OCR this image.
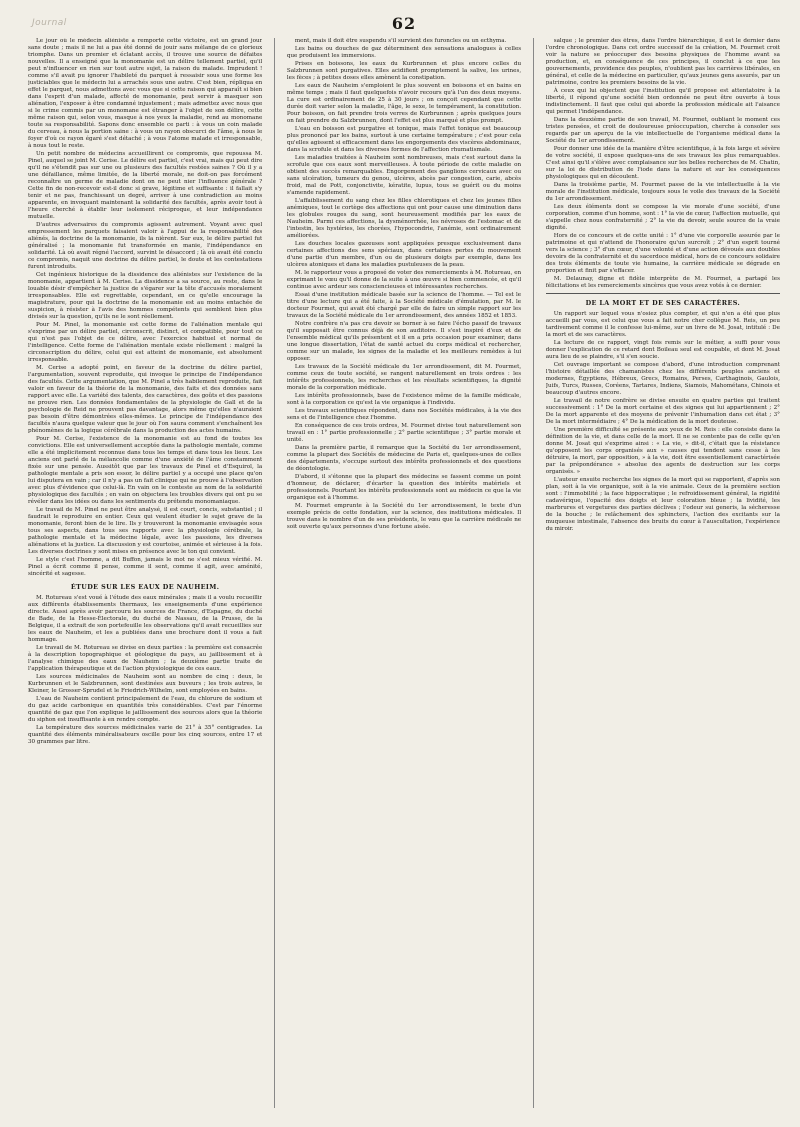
Journal	62

Le jour où le médecin aliéniste a remporté cette victoire, est un grand jour sans doute ; mais il ne lui a pas été donné de jouir sans mélange de ce glorieux triomphe. Dans un premier et éclatant accès, il trouve une source de défaites nouvelles. Il a enseigné que la monomanie est un délire tellement partiel, qu'il peut n'influencer en rien sur tout autre sujet, la raison du malade. Imprudent ! comme s'il avait pu ignorer l'habileté du parquet à ressaisir sous une forme les justiciables que le médecin lui a arrachés sous une autre. C'est bien, répliqua en effet le parquet, nous admettons avec vous que si cette raison qui apparaît si bien dans l'esprit d'un malade, affecté de monomanie, peut servir à masquer son aliénation, l'exposer à être condamné injustement ; mais admettez avec nous que si le crime commis par un monomane est étranger à l'objet de son délire, cette même raison qui, selon vous, masque à nos yeux la maladie, rend au monomane toute sa responsabilité. Sapons donc ensemble ce parti : à vous un coin malade du cerveau, à nous la portion saine : à vous un rayon obscurci de l'âme, à nous le foyer d'où ce rayon égaré s'est détaché ; à vous l'atome malade et irresponsable, à nous tout le reste.

Un petit nombre de médecins accueillirent ce compromis, que repoussa M. Pinel, auquel se joint M. Cerise. Le délire est partiel, c'est vrai, mais qui peut dire qu'il ne s'étendit pas sur une ou plusieurs des facultés restées saines ? Où il y a une défaillance, même limitée, de la liberté morale, ne doit-on pas forcément reconnaître un germe de maladie dont on ne peut nier l'influence générale ? Cette fin de non-recevoir est-il donc si grave, légitime et suffisante : il fallait s'y tenir et ne pas, franchissant un degré, arriver à une contradiction au moins apparente, en invoquant maintenant la solidarité des facultés, après avoir tout à l'heure cherché à établir leur isolement réciproque, et leur indépendance mutuelle.

D'autres adversaires du compromis agissent autrement. Voyant avec quel empressement les parquets faisaient valoir à l'appui de la responsabilité des aliénés, la doctrine de la monomanie, ils la nièrent. Sur eux, le délire partiel fut généralisé ; la monomanie fut transformée en manie, l'indépendance en solidarité. Là où avait régné l'accord, survint le désaccord ; là où avait été conclu ce compromis, naquit une doctrine du délire partiel, le doute et les contestations furent introduits.

Cet ingénieux historique de la dissidence des aliénistes sur l'existence de la monomanie, appartient à M. Cerise. La dissidence a sa source, au reste, dans le louable désir d'empêcher la justice de s'égarer sur la tête d'accusés moralement irresponsables. Elle est regrettable, cependant, en ce qu'elle encourage la magistrature, pour qui la doctrine de la monomanie est au moins entachée de suspicion, à résister à l'avis des hommes compétents qui semblent bien plus divisés sur la question, qu'ils ne le sont réellement.

Pour M. Pinel, la monomanie est cette forme de l'aliénation mentale qui s'exprime par un délire partiel, circonscrit, distinct, et compatible, pour tout ce qui n'est pas l'objet de ce délire, avec l'exercice habituel et normal de l'intelligence. Cette forme de l'aliénation mentale existe réellement : malgré la circonscription du délire, celui qui est atteint de monomanie, est absolument irresponsable.

M. Cerise a adopté point, en faveur de la doctrine du délire partiel, l'argumentation, souvent reproduite, qui invoque le principe de l'indépendance des facultés. Cette argumentation, que M. Pinel a très habilement reproduite, fait valoir en faveur de la théorie de la monomanie, des faits et des données sans rapport avec elle. La variété des talents, des caractères, des goûts et des passions ne prouve rien. Les données fondamentales de la physiologie de Gall et de la psychologie de Reid ne prouvent pas davantage, alors même qu'elles n'auraient pas besoin d'être démontrées elles-mêmes. Le principe de l'indépendance des facultés n'aura quelque valeur que le jour où l'on saura comment s'enchaînent les phénomènes de la logique cérébrale dans la production des actes humains.

Pour M. Cerise, l'existence de la monomanie est au fond de toutes les convictions. Elle est universellement acceptée dans la pathologie mentale, comme elle a été implicitement reconnue dans tous les temps et dans tous les lieux. Les anciens ont parlé de la mélancolie comme d'une anxiété de l'âme constamment fixée sur une pensée. Aussitôt que par les travaux de Pinel et d'Esquirol, la pathologie mentale a pris son essor, le délire partiel y a occupé une place qu'on lui disputera en vain ; car il n'y a pas un fait clinique qui ne prouve à l'observation avec plus d'évidence que celui-là. En vain on le conteste au nom de la solidarité physiologique des facultés ; en vain on objectera les troubles divers qui ont pu se révéler dans les idées ou dans les sentiments du prétendu monomaniaque.

Le travail de M. Pinel ne peut être analysé, il est court, concis, substantiel ; il faudrait le reproduire en entier. Ceux qui veulent étudier le sujet grave de la monomanie, feront bien de le lire. Ils y trouveront la monomanie envisagée sous tous ses aspects, dans tous ses rapports avec la physiologie cérébrale, la pathologie mentale et la médecine légale, avec les passions, les diverses aliénations et la justice. La discussion y est courtoise, animée et sérieuse à la fois. Les diverses doctrines y sont mises en présence avec le ton qui convient.

Le style c'est l'homme, a dit Buffon, jamais le mot ne s'est mieux vérifié. M. Pinel a écrit comme il pense, comme il sent, comme il agit, avec aménité, sincérité et sagesse.

ÉTUDE SUR LES EAUX DE NAUHEIM.

M. Rotureau s'est voué à l'étude des eaux minérales ; mais il a voulu recueillir aux différents établissements thermaux, les enseignements d'une expérience directe. Aussi après avoir parcouru les sources de France, d'Espagne, du duché de Bade, de la Hesse-Électorale, du duché de Nassau, de la Prusse, de la Belgique, il a extrait de son portefeuille les observations qu'il avait recueillies sur les eaux de Nauheim, et les a publiées dans une brochure dont il vous a fait hommage.

Le travail de M. Rotureau se divise en deux parties : la première est consacrée à la description topographique et géologique du pays, au jaillissement et à l'analyse chimique des eaux de Nauheim ; la deuxième partie traite de l'application thérapeutique et de l'action physiologique de ces eaux.

Les sources médicinales de Nauheim sont au nombre de cinq : deux, le Kurbrunnen et le Salzbrunnen, sont destinées aux buveurs ; les trois autres, le Kleiner, le Grosser-Sprudel et le Friedrich-Wilhelm, sont employées en bains.

L'eau de Nauheim contient principalement de l'eau, du chlorure de sodium et du gaz acide carbonique en quantités très considérables. C'est par l'énorme quantité de gaz que l'on explique le jaillissement des sources alors que la théorie du siphon est insuffisante à en rendre compte.

La température des sources médicinales varie de 21° à 35° centigrades. La quantité des éléments minéralisateurs oscille pour les cinq sources, entre 17 et 30 grammes par litre.

ment, mais il doit être suspendu s'il survient des furoncles ou un ecthyma.

Les bains ou douches de gaz déterminent des sensations analogues à celles que produisent les immersions.

Prises en boissons, les eaux du Kurbrunnen et plus encore celles du Salzbrunnen sont purgatives. Elles acidifient promptement la salive, les urines, les fèces ; à petites doses elles amènent la constipation.

Les eaux de Nauheim s'emploient le plus souvent en boissons et en bains en même temps ; mais il faut quelquefois n'avoir recours qu'à l'un des deux moyens. La cure est ordinairement de 25 à 30 jours ; on conçoit cependant que cette durée doit varier selon la maladie, l'âge, le sexe, le tempérament, la constitution. Pour boisson, on fait prendre trois verres de Kurbrunnen ; après quelques jours on fait prendre du Salzbrunnen, dont l'effet est plus marqué et plus prompt.

L'eau en boisson est purgative et tonique, mais l'effet tonique est beaucoup plus prononcé par les bains, surtout à une certaine température ; c'est pour cela qu'elles agissent si efficacement dans les engorgements des viscères abdominaux, dans la scrofule et dans les diverses formes de l'affection rhumatismale.

Les maladies traitées à Nauheim sont nombreuses, mais c'est surtout dans la scrofule que ces eaux sont merveilleuses. À toute période de cette maladie on obtient des succès remarquables. Engorgement des ganglions cervicaux avec ou sans ulcération, tumeurs du genou, ulcères, abcès par congestion, carie, abcès froid, mal de Pott, conjonctivite, kératite, lupus, tous se guérit ou du moins s'amende rapidement.

L'affaiblissement du sang chez les filles chlorotiques et chez les jeunes filles anémiques, tout le cortège des affections qui ont pour cause une diminution dans les globules rouges du sang, sont heureusement modifiés par les eaux de Nauheim. Parmi ces affections, la dysménorrhée, les névroses de l'estomac et de l'intestin, les hystéries, les chorées, l'hypocondrie, l'anémie, sont ordinairement améliorées.

Les douches locales gazeuses sont appliquées presque exclusivement dans certaines affections des sens spéciaux, dans certaines pertes du mouvement d'une partie d'un membre, d'un ou de plusieurs doigts par exemple, dans les ulcères atoniques et dans les maladies pustuleuses de la peau.

M. le rapporteur vous a proposé de voter des remerciements à M. Rotureau, en exprimant le vœu qu'il donne de la suite à une œuvre si bien commencée, et qu'il continue avec ardeur ses consciencieuses et intéressantes recherches.

Essai d'une institution médicale basée sur la science de l'homme. — Tel est le titre d'une lecture qui a été faite, à la Société médicale d'émulation, par M. le docteur Fourmet, qui avait été chargé par elle de faire un simple rapport sur les travaux de la Société médicale du 1er arrondissement, des années 1852 et 1853.

Notre confrère n'a pas cru devoir se borner à se faire l'écho passif de travaux qu'il supposait être connus déjà de son auditoire. Il s'est inspiré d'eux et de l'ensemble médical qu'ils présentent et il en a pris occasion pour examiner, dans une longue dissertation, l'état de santé actuel du corps médical et rechercher, comme sur un malade, les signes de la maladie et les meilleurs remèdes à lui opposer.

Les travaux de la Société médicale du 1er arrondissement, dit M. Fourmet, comme ceux de toute société, se rangent naturellement en trois ordres : les intérêts professionnels, les recherches et les résultats scientifiques, la dignité morale de la corporation médicale.

Les intérêts professionnels, base de l'existence même de la famille médicale, sont à la corporation ce qu'est la vie organique à l'individu.

Les travaux scientifiques répondent, dans nos Sociétés médicales, à la vie des sens et de l'intelligence chez l'homme.

En conséquence de ces trois ordres, M. Fourmet divise tout naturellement son travail en : 1° partie professionnelle ; 2° partie scientifique ; 3° partie morale et unité.

Dans la première partie, il remarque que la Société du 1er arrondissement, comme la plupart des Sociétés de médecine de Paris et, quelques-unes de celles des départements, s'occupe surtout des intérêts professionnels et des questions de déontologie.

D'abord, il s'étonne que la plupart des médecins se fassent comme un point d'honneur, de déclarer, d'écarter la question des intérêts matériels et professionnels. Pourtant les intérêts professionnels sont au médecin ce que la vie organique est à l'homme.

M. Fourmet emprunte à la Société du 1er arrondissement, le texte d'un exemple précis de cette fondation, sur la science, des institutions médicales. Il trouve dans le nombre d'un de ses présidents, le vœu que la carrière médicale ne soit ouverte qu'aux personnes d'une fortune aisée.

salque ; le premier des êtres, dans l'ordre hiérarchique, il est le dernier dans l'ordre chronologique. Dans cet ordre successif de la création, M. Fourmet croit voir la nature se préoccuper des besoins physiques de l'homme avant sa production, et, en conséquence de ces principes, il conclut à ce que les gouvernements, providence des peuples, n'oublient pas les carrières libérales, en général, et celle de la médecine en particulier, qu'aux jeunes gens assurés, par un patrimoine, contre les premiers besoins de la vie.

À ceux qui lui objectent que l'institution qu'il propose est attentatoire à la liberté, il répond qu'une société bien ordonnée ne peut être ouverte à tous indistinctement. Il faut que celui qui aborde la profession médicale ait l'aisance qui permet l'indépendance.

Dans la deuxième partie de son travail, M. Fourmet, oubliant le moment ces tristes pensées, et croit de douloureuse préoccupation, cherche à consoler ses regards par un aperçu de la vie intellectuelle de l'organisme médical dans la Société du 1er arrondissement.

Pour donner une idée de la manière d'être scientifique, à la fois large et sévère de votre société, il expose quelques-uns de ses travaux les plus remarquables. C'est ainsi qu'il s'élève avec complaisance sur les belles recherches de M. Chatin, sur la loi de distribution de l'iode dans la nature et sur les conséquences physiologiques qui en découlent.

Dans la troisième partie, M. Fourmet passe de la vie intellectuelle à la vie morale de l'institution médicale, toujours sous le voile des travaux de la Société du 1er arrondissement.

Les deux éléments dont se compose la vie morale d'une société, d'une corporation, comme d'un homme, sont : 1° la vie de cœur, l'affection mutuelle, qui s'appelle chez nous confraternité ; 2° la vie du devoir, seule source de la vraie dignité.

Hors de ce concours et de cette unité : 1° d'une vie corporelle assurée par le patrimoine et qui n'attend de l'honoraire qu'un surcroît ; 2° d'un esprit tourné vers la science ; 3° d'un cœur, d'une volonté et d'une action dévoués aux doubles devoirs de la confraternité et du sacerdoce médical, hors de ce concours solidaire des trois éléments de toute vie humaine, la carrière médicale se dégrade en proportion et finit par s'effacer.

M. Delaunay, digne et fidèle interprète de M. Fourmet, a partagé les félicitations et les remerciements sincères que vous avez votés à ce dernier.

DE LA MORT ET DE SES CARACTÈRES.

Un rapport sur lequel vous n'osiez plus compter, et qui n'en a été que plus accueilli par vous, est celui que vous a fait notre cher collègue M. Reis, un peu tardivement comme il le confesse lui-même, sur un livre de M. Josat, intitulé : De la mort et de ses caractères.

La lecture de ce rapport, vingt fois remis sur le métier, a suffi pour vous donner l'explication de ce retard dont Boileau seul est coupable, et dont M. Josat aura lieu de se plaindre, s'il s'en soucie.

Cet ouvrage important se compose d'abord, d'une introduction comprenant l'histoire détaillée des chamanistes chez les différents peuples anciens et modernes, Égyptiens, Hébreux, Grecs, Romains, Perses, Carthaginois, Gaulois, Juifs, Turcs, Russes, Coréens, Tartares, Indiens, Siamois, Mahométans, Chinois et beaucoup d'autres encore.

Le travail de notre confrère se divise ensuite en quatre parties qui traitent successivement : 1° De la mort certaine et des signes qui lui appartiennent ; 2° De la mort apparente et des moyens de prévenir l'inhumation dans cet état ; 3° De la mort intermédiaire ; 4° De la médication de la mort douteuse.

Une première difficulté se présente aux yeux de M. Reis : elle consiste dans la définition de la vie, et dans celle de la mort. Il ne se contente pas de celle qu'en donne M. Josat qui s'exprime ainsi : « La vie, » dit-il, c'était que la résistance qu'opposent les corps organisés aux » causes qui tendent sans cesse à les détruire, la mort, par opposition, » à la vie, doit être essentiellement caractérisée par la prépondérance » absolue des agents de destruction sur les corps organisés. »

L'auteur ensuite recherche les signes de la mort qui se rapportent, d'après son plan, soit à la vie organique, soit à la vie animale. Ceux de la première section sont : l'immobilité ; la face hippocratique ; le refroidissement général, la rigidité cadavérique, l'opacité des doigts et leur coloration bleue ; la lividité, les marbrures et vergetures des parties déclives ; l'odeur sui generis, la sécheresse de la bouche ; le relâchement des sphincters, l'action des excitants sur la muqueuse intestinale, l'absence des bruits du cœur à l'auscultation, l'expérience du miroir.
